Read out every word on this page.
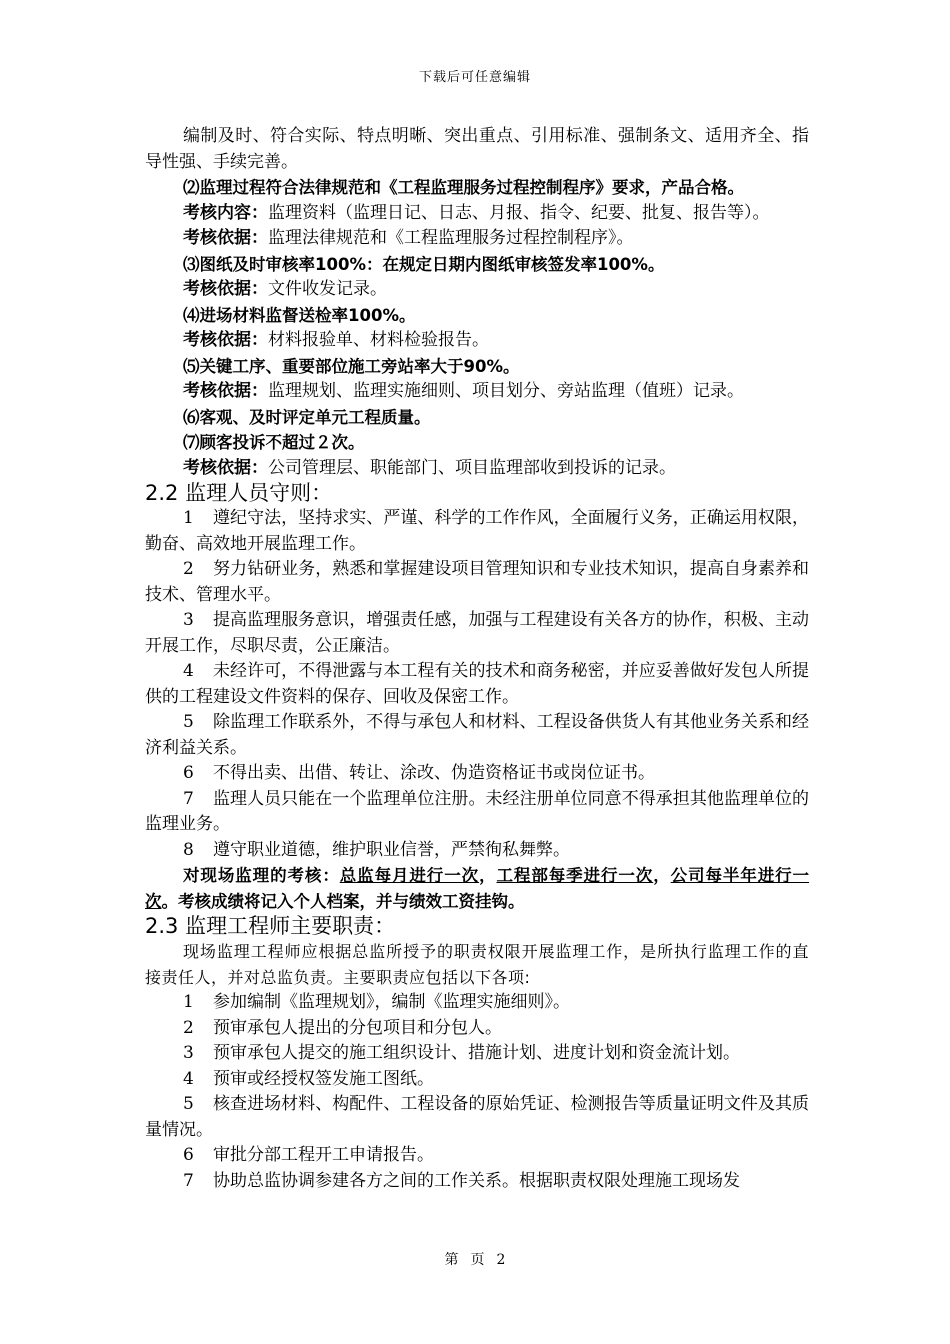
下载后可任意编辑

编制及时、符合实际、特点明晰、突出重点、引用标准、强制条文、适用齐全、指导性强、手续完善。

⑵监理过程符合法律规范和《工程监理服务过程控制程序》要求，产品合格。

考核内容：监理资料（监理日记、日志、月报、指令、纪要、批复、报告等）。

考核依据：监理法律规范和《工程监理服务过程控制程序》。

⑶图纸及时审核率100%：在规定日期内图纸审核签发率100%。

考核依据：文件收发记录。

⑷进场材料监督送检率100%。

考核依据：材料报验单、材料检验报告。

⑸关键工序、重要部位施工旁站率大于90%。

考核依据：监理规划、监理实施细则、项目划分、旁站监理（值班）记录。

⑹客观、及时评定单元工程质量。

⑺顾客投诉不超过２次。

考核依据：公司管理层、职能部门、项目监理部收到投诉的记录。

2.2 监理人员守则：

1 遵纪守法，坚持求实、严谨、科学的工作作风，全面履行义务，正确运用权限，勤奋、高效地开展监理工作。

2 努力钻研业务，熟悉和掌握建设项目管理知识和专业技术知识，提高自身素养和技术、管理水平。

3 提高监理服务意识，增强责任感，加强与工程建设有关各方的协作，积极、主动开展工作，尽职尽责，公正廉洁。

4 未经许可，不得泄露与本工程有关的技术和商务秘密，并应妥善做好发包人所提供的工程建设文件资料的保存、回收及保密工作。

5 除监理工作联系外，不得与承包人和材料、工程设备供货人有其他业务关系和经济利益关系。

6 不得出卖、出借、转让、涂改、伪造资格证书或岗位证书。

7 监理人员只能在一个监理单位注册。未经注册单位同意不得承担其他监理单位的监理业务。

8 遵守职业道德，维护职业信誉，严禁徇私舞弊。

对现场监理的考核：总监每月进行一次，工程部每季进行一次，公司每半年进行一次。考核成绩将记入个人档案，并与绩效工资挂钩。

2.3 监理工程师主要职责：

现场监理工程师应根据总监所授予的职责权限开展监理工作，是所执行监理工作的直接责任人，并对总监负责。主要职责应包括以下各项:

1 参加编制《监理规划》，编制《监理实施细则》。

2 预审承包人提出的分包项目和分包人。

3 预审承包人提交的施工组织设计、措施计划、进度计划和资金流计划。

4 预审或经授权签发施工图纸。

5 核查进场材料、构配件、工程设备的原始凭证、检测报告等质量证明文件及其质量情况。

6 审批分部工程开工申请报告。

7 协助总监协调参建各方之间的工作关系。根据职责权限处理施工现场发

第 页 2
